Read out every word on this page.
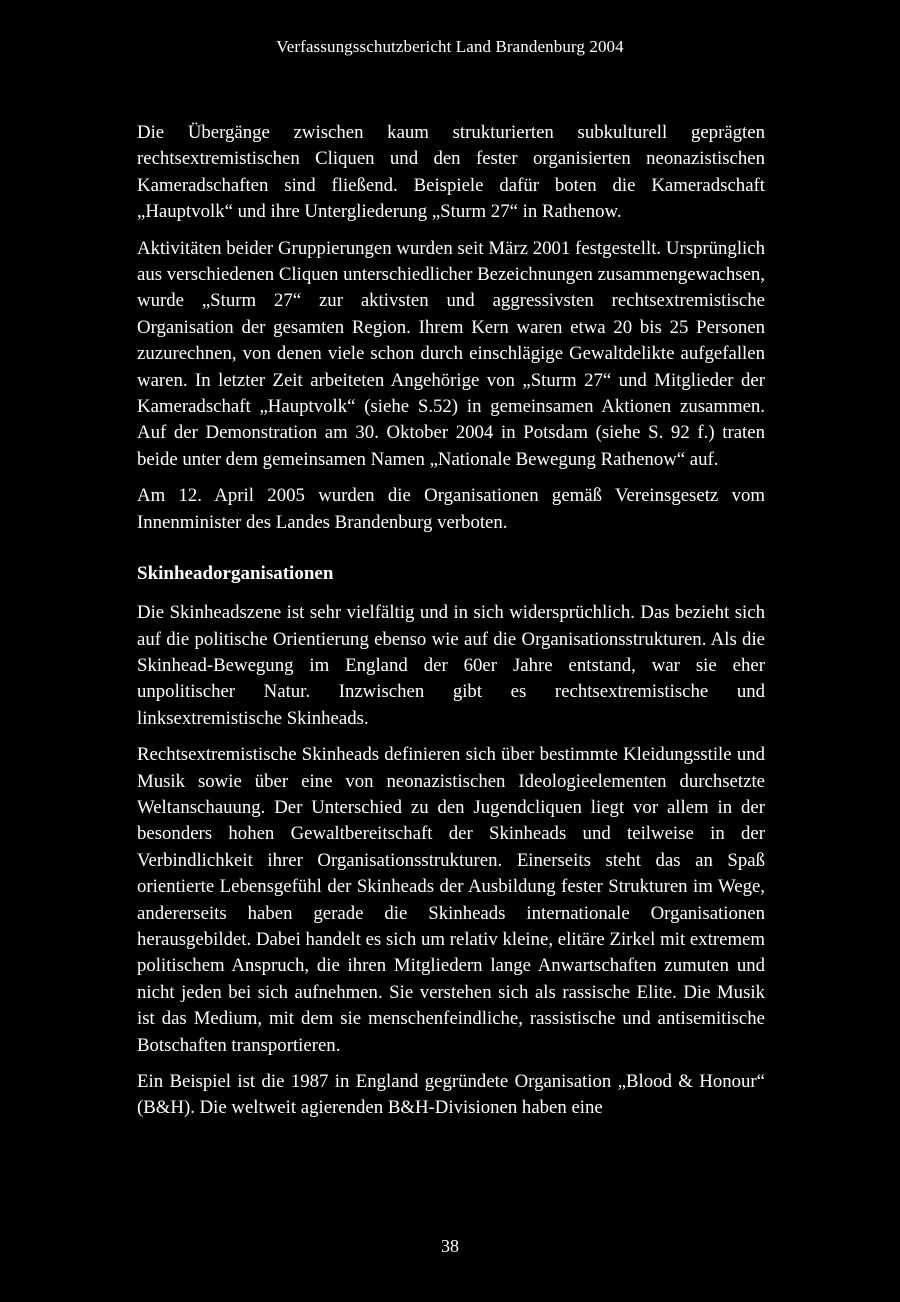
Verfassungsschutzbericht Land Brandenburg 2004

Die Übergänge zwischen kaum strukturierten subkulturell geprägten rechtsextremistischen Cliquen und den fester organisierten neonazistischen Kameradschaften sind fließend. Beispiele dafür boten die Kameradschaft „Hauptvolk“ und ihre Untergliederung „Sturm 27“ in Rathenow.

Aktivitäten beider Gruppierungen wurden seit März 2001 festgestellt. Ursprünglich aus verschiedenen Cliquen unterschiedlicher Bezeichnungen zusammengewachsen, wurde „Sturm 27“ zur aktivsten und aggressivsten rechtsextremistische Organisation der gesamten Region. Ihrem Kern waren etwa 20 bis 25 Personen zuzurechnen, von denen viele schon durch einschlägige Gewaltdelikte aufgefallen waren. In letzter Zeit arbeiteten Angehörige von „Sturm 27“ und Mitglieder der Kameradschaft „Hauptvolk“ (siehe S.52) in gemeinsamen Aktionen zusammen. Auf der Demonstration am 30. Oktober 2004 in Potsdam (siehe S. 92 f.) traten beide unter dem gemeinsamen Namen „Nationale Bewegung Rathenow“ auf.

Am 12. April 2005 wurden die Organisationen gemäß Vereinsgesetz vom Innenminister des Landes Brandenburg verboten.

Skinheadorganisationen

Die Skinheadszene ist sehr vielfältig und in sich widersprüchlich. Das bezieht sich auf die politische Orientierung ebenso wie auf die Organisationsstrukturen. Als die Skinhead-Bewegung im England der 60er Jahre entstand, war sie eher unpolitischer Natur. Inzwischen gibt es rechtsextremistische und linksextremistische Skinheads.

Rechtsextremistische Skinheads definieren sich über bestimmte Kleidungsstile und Musik sowie über eine von neonazistischen Ideologieelementen durchsetzte Weltanschauung. Der Unterschied zu den Jugendcliquen liegt vor allem in der besonders hohen Gewaltbereitschaft der Skinheads und teilweise in der Verbindlichkeit ihrer Organisationsstrukturen. Einerseits steht das an Spaß orientierte Lebensgefühl der Skinheads der Ausbildung fester Strukturen im Wege, andererseits haben gerade die Skinheads internationale Organisationen herausgebildet. Dabei handelt es sich um relativ kleine, elitäre Zirkel mit extremem politischem Anspruch, die ihren Mitgliedern lange Anwartschaften zumuten und nicht jeden bei sich aufnehmen. Sie verstehen sich als rassische Elite. Die Musik ist das Medium, mit dem sie menschenfeindliche, rassistische und antisemitische Botschaften transportieren.

Ein Beispiel ist die 1987 in England gegründete Organisation „Blood & Honour“ (B&H). Die weltweit agierenden B&H-Divisionen haben eine

38
